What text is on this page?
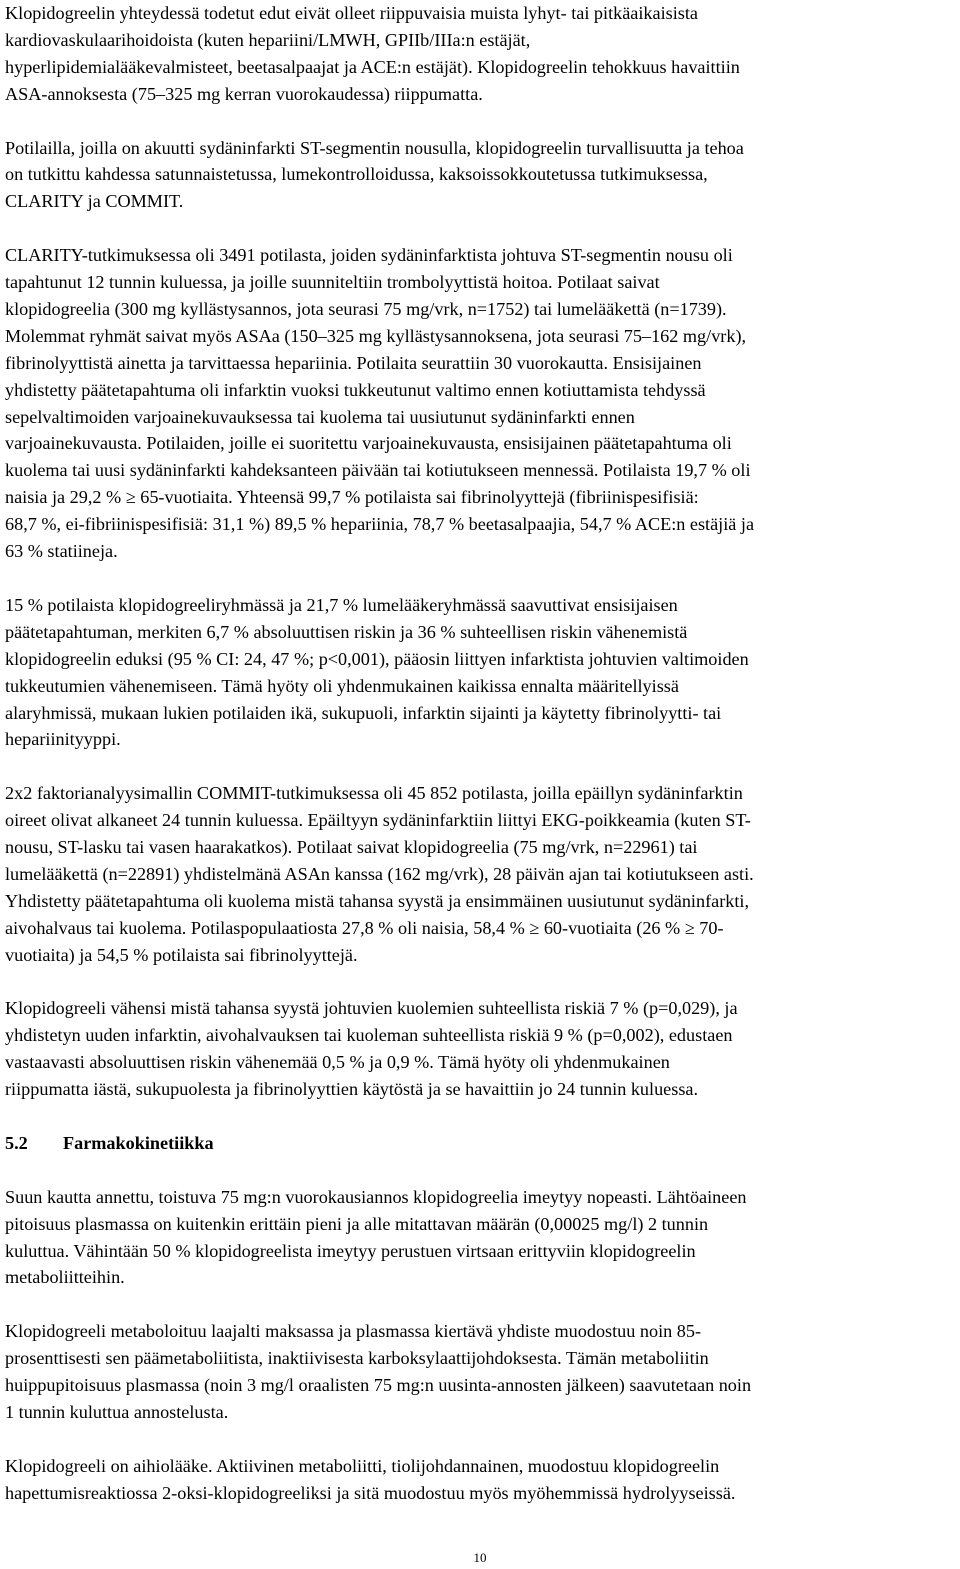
Klopidogreelin yhteydessä todetut edut eivät olleet riippuvaisia muista lyhyt- tai pitkäaikaisista

kardiovaskulaarihoidoista (kuten hepariini/LMWH, GPIIb/IIIa:n estäjät,

hyperlipidemialääkevalmisteet, beetasalpaajat ja ACE:n estäjät). Klopidogreelin tehokkuus havaittiin

ASA-annoksesta (75–325 mg kerran vuorokaudessa) riippumatta.

Potilailla, joilla on akuutti sydäninfarkti ST-segmentin nousulla, klopidogreelin turvallisuutta ja tehoa

on tutkittu kahdessa satunnaistetussa, lumekontrolloidussa, kaksoissokkoutetussa tutkimuksessa,

CLARITY ja COMMIT.

CLARITY-tutkimuksessa oli 3491 potilasta, joiden sydäninfarktista johtuva ST-segmentin nousu oli

tapahtunut 12 tunnin kuluessa, ja joille suunniteltiin trombolyyttistä hoitoa. Potilaat saivat

klopidogreelia (300 mg kyllästysannos, jota seurasi 75 mg/vrk, n=1752) tai lumelääkettä (n=1739).

Molemmat ryhmät saivat myös ASAa (150–325 mg kyllästysannoksena, jota seurasi 75–162 mg/vrk),

fibrinolyyttistä ainetta ja tarvittaessa hepariinia. Potilaita seurattiin 30 vuorokautta. Ensisijainen

yhdistetty päätetapahtuma oli infarktin vuoksi tukkeutunut valtimo ennen kotiuttamista tehdyssä

sepelvaltimoiden varjoainekuvauksessa tai kuolema tai uusiutunut sydäninfarkti ennen

varjoainekuvausta. Potilaiden, joille ei suoritettu varjoainekuvausta, ensisijainen päätetapahtuma oli

kuolema tai uusi sydäninfarkti kahdeksanteen päivään tai kotiutukseen mennessä. Potilaista 19,7 % oli

naisia ja 29,2 % ≥ 65-vuotiaita. Yhteensä 99,7 % potilaista sai fibrinolyyttejä (fibriinispesifisiä:

68,7 %, ei-fibriinispesifisiä: 31,1 %) 89,5 % hepariinia, 78,7 % beetasalpaajia, 54,7 % ACE:n estäjiä ja

63 % statiineja.

15 % potilaista klopidogreeliryhmässä ja 21,7 % lumelääkeryhmässä saavuttivat ensisijaisen

päätetapahtuman, merkiten 6,7 % absoluuttisen riskin ja 36 % suhteellisen riskin vähenemistä

klopidogreelin eduksi (95 % CI: 24, 47 %; p<0,001), pääosin liittyen infarktista johtuvien valtimoiden

tukkeutumien vähenemiseen. Tämä hyöty oli yhdenmukainen kaikissa ennalta määritellyissä

alaryhmissä, mukaan lukien potilaiden ikä, sukupuoli, infarktin sijainti ja käytetty fibrinolyytti- tai

hepariinityyppi.

2x2 faktorianalyysimallin COMMIT-tutkimuksessa oli 45 852 potilasta, joilla epäillyn sydäninfarktin

oireet olivat alkaneet 24 tunnin kuluessa. Epäiltyyn sydäninfarktiin liittyi EKG-poikkeamia (kuten ST-

nousu, ST-lasku tai vasen haarakatkos). Potilaat saivat klopidogreelia (75 mg/vrk, n=22961) tai

lumelääkettä (n=22891) yhdistelmänä ASAn kanssa (162 mg/vrk), 28 päivän ajan tai kotiutukseen asti.

Yhdistetty päätetapahtuma oli kuolema mistä tahansa syystä ja ensimmäinen uusiutunut sydäninfarkti,

aivohalvaus tai kuolema. Potilaspopulaatiosta 27,8 % oli naisia, 58,4 % ≥ 60-vuotiaita (26 % ≥ 70-

vuotiaita) ja 54,5 % potilaista sai fibrinolyyttejä.

Klopidogreeli vähensi mistä tahansa syystä johtuvien kuolemien suhteellista riskiä 7 % (p=0,029), ja

yhdistetyn uuden infarktin, aivohalvauksen tai kuoleman suhteellista riskiä 9 % (p=0,002), edustaen

vastaavasti absoluuttisen riskin vähenemää 0,5 % ja 0,9 %. Tämä hyöty oli yhdenmukainen

riippumatta iästä, sukupuolesta ja fibrinolyyttien käytöstä ja se havaittiin jo 24 tunnin kuluessa.

5.2 Farmakokinetiikka

Suun kautta annettu, toistuva 75 mg:n vuorokausiannos klopidogreelia imeytyy nopeasti. Lähtöaineen

pitoisuus plasmassa on kuitenkin erittäin pieni ja alle mitattavan määrän (0,00025 mg/l) 2 tunnin

kuluttua. Vähintään 50 % klopidogreelista imeytyy perustuen virtsaan erittyviin klopidogreelin

metaboliitteihin.

Klopidogreeli metaboloituu laajalti maksassa ja plasmassa kiertävä yhdiste muodostuu noin 85-

prosenttisesti sen päämetaboliitista, inaktiivisesta karboksylaattijohdoksesta. Tämän metaboliitin

huippupitoisuus plasmassa (noin 3 mg/l oraalisten 75 mg:n uusinta-annosten jälkeen) saavutetaan noin

1 tunnin kuluttua annostelusta.

Klopidogreeli on aihiolääke. Aktiivinen metaboliitti, tiolijohdannainen, muodostuu klopidogreelin

hapettumisreaktiossa 2-oksi-klopidogreeliksi ja sitä muodostuu myös myöhemmissä hydrolyyseissä.

10
